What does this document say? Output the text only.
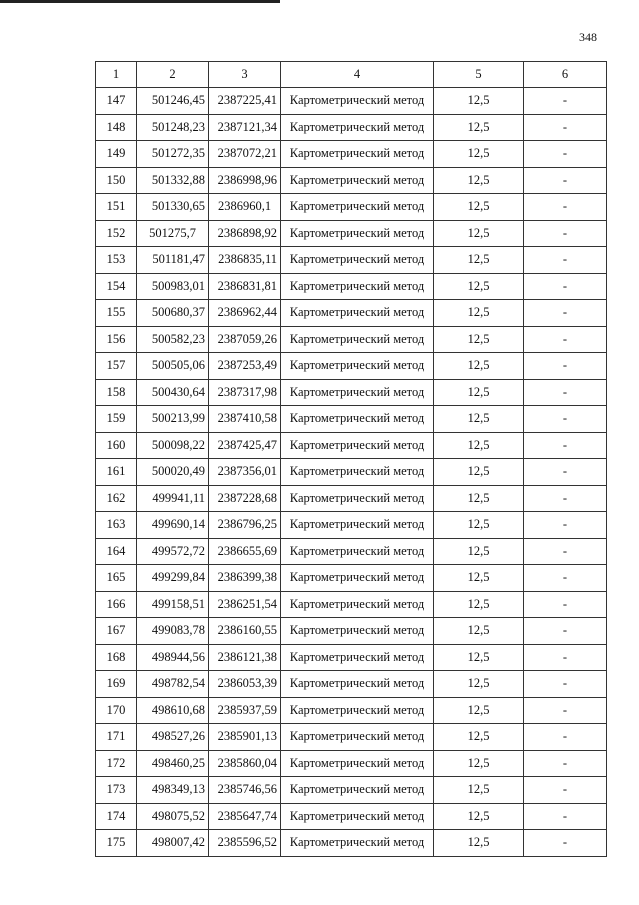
348
1	2	3	4	5	6
147	501246,45	2387225,41	Картометрический метод	12,5	-
148	501248,23	2387121,34	Картометрический метод	12,5	-
149	501272,35	2387072,21	Картометрический метод	12,5	-
150	501332,88	2386998,96	Картометрический метод	12,5	-
151	501330,65	2386960,1	Картометрический метод	12,5	-
152	501275,7	2386898,92	Картометрический метод	12,5	-
153	501181,47	2386835,11	Картометрический метод	12,5	-
154	500983,01	2386831,81	Картометрический метод	12,5	-
155	500680,37	2386962,44	Картометрический метод	12,5	-
156	500582,23	2387059,26	Картометрический метод	12,5	-
157	500505,06	2387253,49	Картометрический метод	12,5	-
158	500430,64	2387317,98	Картометрический метод	12,5	-
159	500213,99	2387410,58	Картометрический метод	12,5	-
160	500098,22	2387425,47	Картометрический метод	12,5	-
161	500020,49	2387356,01	Картометрический метод	12,5	-
162	499941,11	2387228,68	Картометрический метод	12,5	-
163	499690,14	2386796,25	Картометрический метод	12,5	-
164	499572,72	2386655,69	Картометрический метод	12,5	-
165	499299,84	2386399,38	Картометрический метод	12,5	-
166	499158,51	2386251,54	Картометрический метод	12,5	-
167	499083,78	2386160,55	Картометрический метод	12,5	-
168	498944,56	2386121,38	Картометрический метод	12,5	-
169	498782,54	2386053,39	Картометрический метод	12,5	-
170	498610,68	2385937,59	Картометрический метод	12,5	-
171	498527,26	2385901,13	Картометрический метод	12,5	-
172	498460,25	2385860,04	Картометрический метод	12,5	-
173	498349,13	2385746,56	Картометрический метод	12,5	-
174	498075,52	2385647,74	Картометрический метод	12,5	-
175	498007,42	2385596,52	Картометрический метод	12,5	-
